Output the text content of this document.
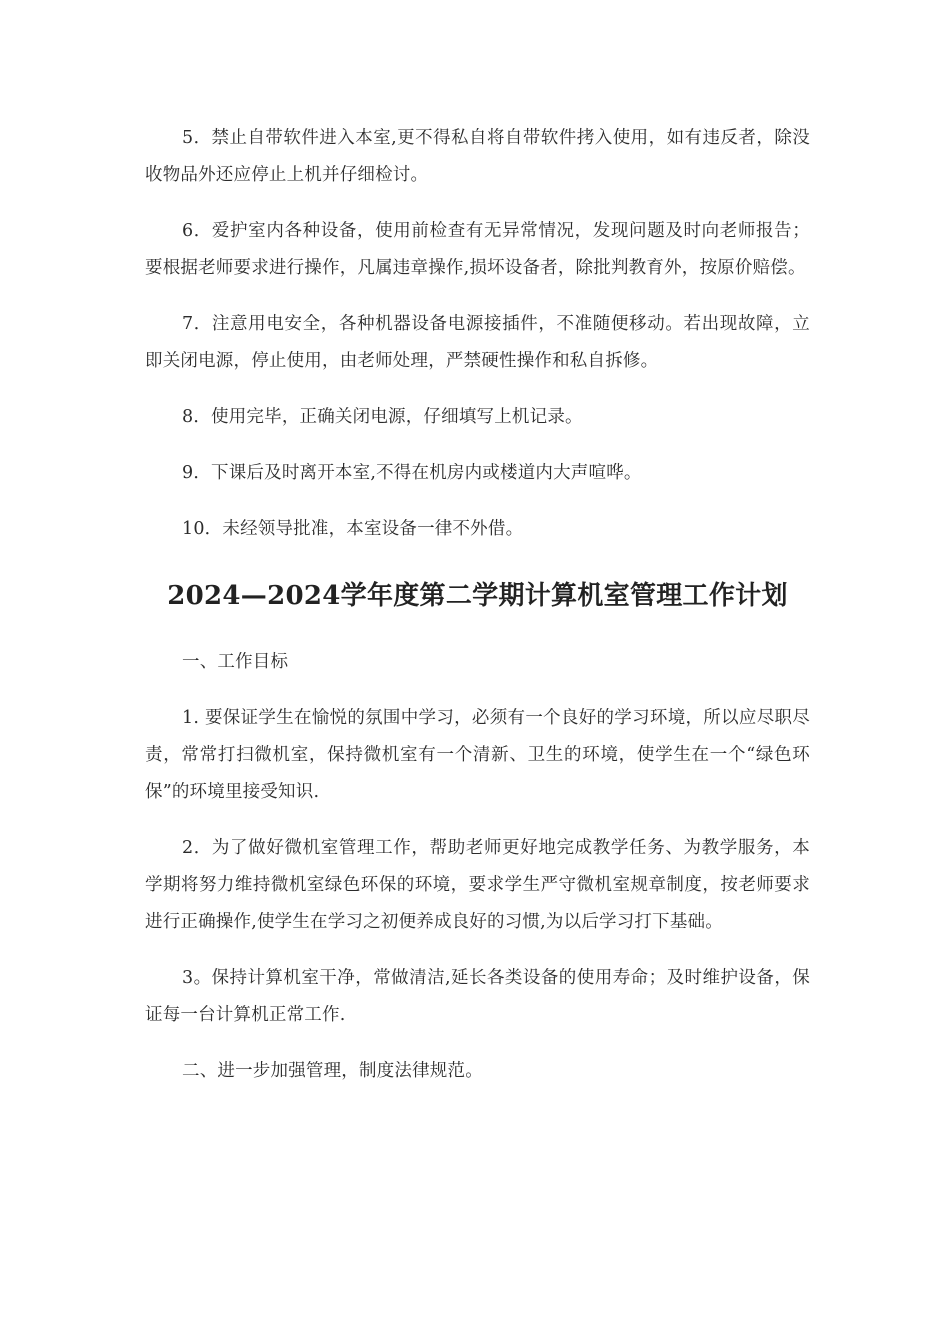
5．禁止自带软件进入本室,更不得私自将自带软件拷入使用，如有违反者，除没收物品外还应停止上机并仔细检讨。

6．爱护室内各种设备，使用前检查有无异常情况，发现问题及时向老师报告；要根据老师要求进行操作，凡属违章操作,损坏设备者，除批判教育外，按原价赔偿。

7．注意用电安全，各种机器设备电源接插件，不准随便移动。若出现故障，立即关闭电源，停止使用，由老师处理，严禁硬性操作和私自拆修。

8．使用完毕，正确关闭电源，仔细填写上机记录。

9．下课后及时离开本室,不得在机房内或楼道内大声喧哗。

10．未经领导批准，本室设备一律不外借。

2024—2024学年度第二学期计算机室管理工作计划

一、工作目标

1. 要保证学生在愉悦的氛围中学习，必须有一个良好的学习环境，所以应尽职尽责，常常打扫微机室，保持微机室有一个清新、卫生的环境，使学生在一个“绿色环保”的环境里接受知识.

2．为了做好微机室管理工作，帮助老师更好地完成教学任务、为教学服务，本学期将努力维持微机室绿色环保的环境，要求学生严守微机室规章制度，按老师要求进行正确操作,使学生在学习之初便养成良好的习惯,为以后学习打下基础。

3。保持计算机室干净，常做清洁,延长各类设备的使用寿命；及时维护设备，保证每一台计算机正常工作.

二、进一步加强管理，制度法律规范。
